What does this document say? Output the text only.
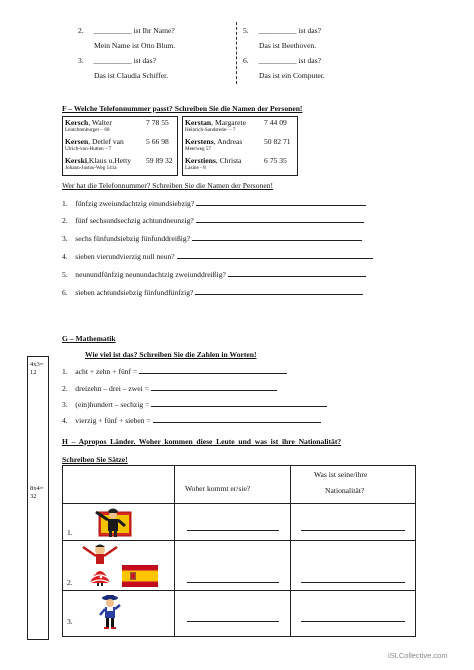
2. __________ ist Ihr Name?
Mein Name ist Otto Blum.
3. __________ ist das?
Das ist Claudia Schiffer.
5. __________ ist das?
Das ist Beethoven.
6. __________ ist das?
Das ist ein Computer.
F – Welche Telefonnummer passt? Schreiben Sie die Namen der Personen!
Kersch, Walter	7 78 55
Leutchtenburger – 68
Kersen, Detlef van	5 66 98
Ulrich-von-Hutten – 7
Kerski,Klaus u.Hetty	59 89 32
Johann-Justus-Weg 141a
Kerstan, Margarete	7 44 09
Heinrich-Sandstede- – 7
Kerstens, Andreas	50 82 71
Meerweg 57
Kerstiens, Christa	6 75 35
Lasine - 8
Wer hat die Telefonnummer? Schreiben Sie die Namen der Personen!
1. fünfzig zweiundachtzig einundsiebzig?
2. fünf sechsundsechzig achtundneunzig?
3. sechs fünfundsiebzig fünfunddreißig?
4. sieben vierundvierzig null neun?
5. neunundfünfzig neunundachtzig zweiunddreißig?
6. sieben achtundsiebzig fünfundfünfzig?
4x3=
12
8x4=
32
G – Mathematik
Wie viel ist das? Schreiben Sie die Zahlen in Worten!
1. acht + zehn + fünf =
2. dreizehn – drei – zwei =
3. (ein)hundert – sechzig =
4. vierzig + fünf + sieben =
H – Apropos Länder. Woher kommen diese Leute und was ist ihre Nationalität?
Schreiben Sie Sätze!
Woher kommt er/sie?
Was ist seine/ihre
Nationalität?
1.
2.
3.
iSLCollective.com
